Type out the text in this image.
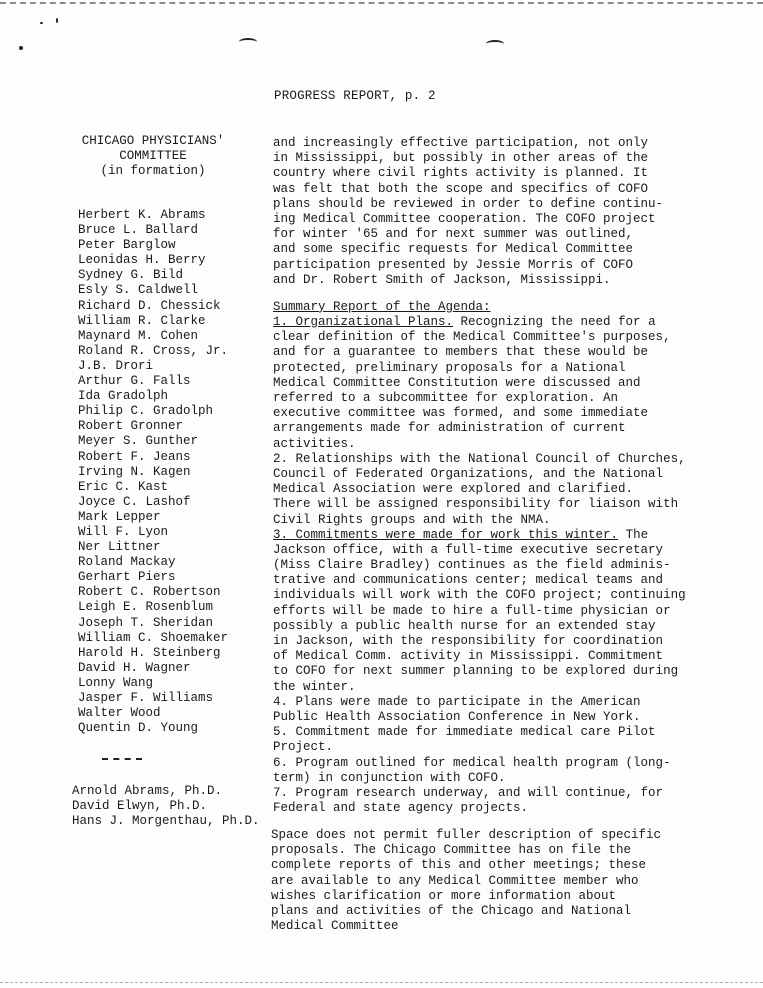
PROGRESS REPORT, p. 2
CHICAGO PHYSICIANS'
COMMITTEE
(in formation)
Herbert K. Abrams
Bruce L. Ballard
Peter Barglow
Leonidas H. Berry
Sydney G. Bild
Esly S. Caldwell
Richard D. Chessick
William R. Clarke
Maynard M. Cohen
Roland R. Cross, Jr.
J.B. Drori
Arthur G. Falls
Ida Gradolph
Philip C. Gradolph
Robert Gronner
Meyer S. Gunther
Robert F. Jeans
Irving N. Kagen
Eric C. Kast
Joyce C. Lashof
Mark Lepper
Will F. Lyon
Ner Littner
Roland Mackay
Gerhart Piers
Robert C. Robertson
Leigh E. Rosenblum
Joseph T. Sheridan
William C. Shoemaker
Harold H. Steinberg
David H. Wagner
Lonny Wang
Jasper F. Williams
Walter Wood
Quentin D. Young
Arnold Abrams, Ph.D.
David Elwyn, Ph.D.
Hans J. Morgenthau, Ph.D.
and increasingly effective participation, not only
in Mississippi, but possibly in other areas of the
country where civil rights activity is planned. It
was felt that both the scope and specifics of COFO
plans should be reviewed in order to define continu-
ing Medical Committee cooperation. The COFO project
for winter '65 and for next summer was outlined,
and some specific requests for Medical Committee
participation presented by Jessie Morris of COFO
and Dr. Robert Smith of Jackson, Mississippi.
Summary Report of the Agenda:
1. Organizational Plans. Recognizing the need for a
clear definition of the Medical Committee's purposes,
and for a guarantee to members that these would be
protected, preliminary proposals for a National
Medical Committee Constitution were discussed and
referred to a subcommittee for exploration. An
executive committee was formed, and some immediate
arrangements made for administration of current
activities.
2. Relationships with the National Council of Churches,
Council of Federated Organizations, and the National
Medical Association were explored and clarified.
There will be assigned responsibility for liaison with
Civil Rights groups and with the NMA.
3. Commitments were made for work this winter. The
Jackson office, with a full-time executive secretary
(Miss Claire Bradley) continues as the field adminis-
trative and communications center; medical teams and
individuals will work with the COFO project; continuing
efforts will be made to hire a full-time physician or
possibly a public health nurse for an extended stay
in Jackson, with the responsibility for coordination
of Medical Comm. activity in Mississippi. Commitment
to COFO for next summer planning to be explored during
the winter.
4. Plans were made to participate in the American
Public Health Association Conference in New York.
5. Commitment made for immediate medical care Pilot
Project.
6. Program outlined for medical health program (long-
term) in conjunction with COFO.
7. Program research underway, and will continue, for
Federal and state agency projects.
Space does not permit fuller description of specific
proposals. The Chicago Committee has on file the
complete reports of this and other meetings; these
are available to any Medical Committee member who
wishes clarification or more information about
plans and activities of the Chicago and National
Medical Committee
